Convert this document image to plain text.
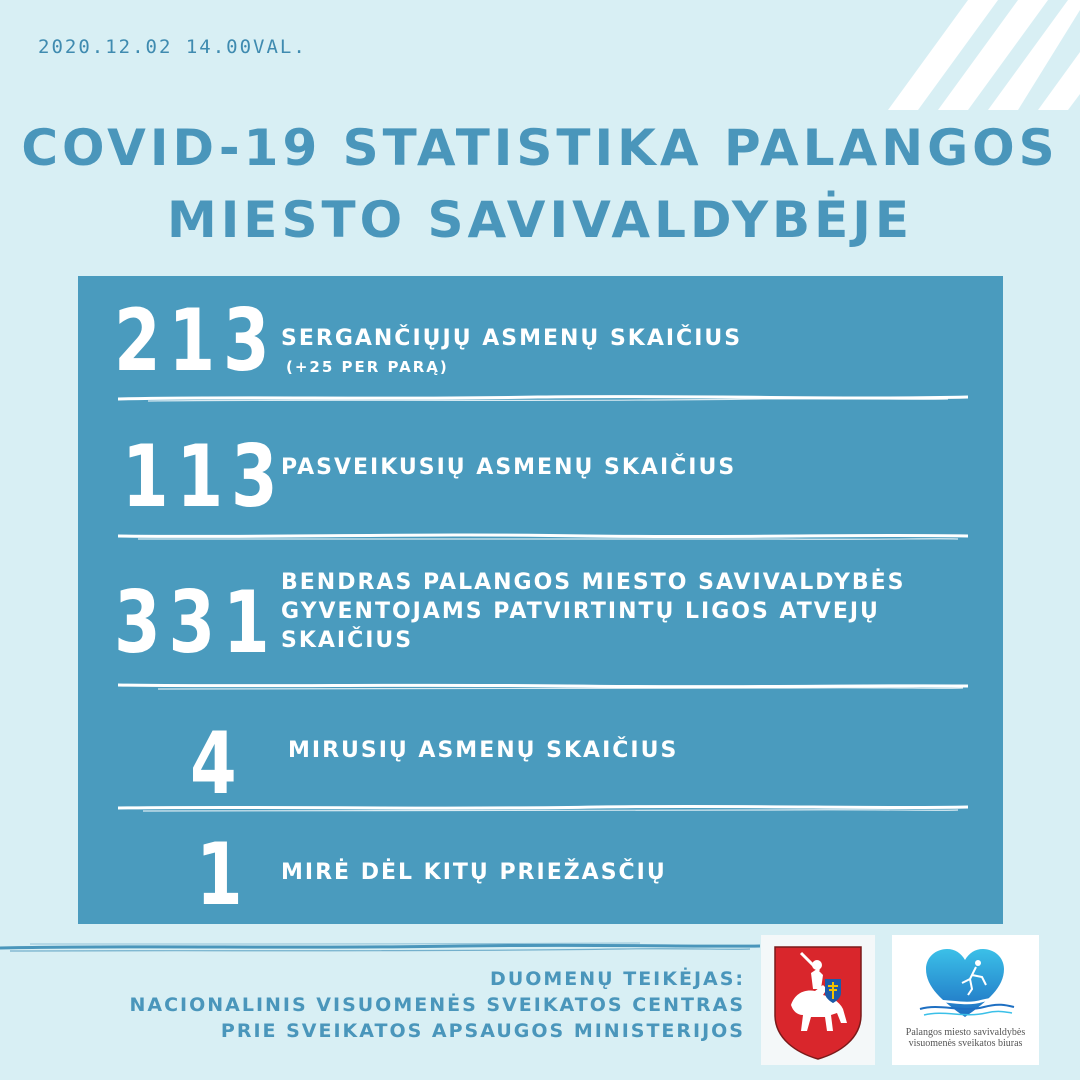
2020.12.02 14.00VAL.
COVID-19 STATISTIKA PALANGOS
MIESTO SAVIVALDYBĖJE
213 SERGANČIŲJŲ ASMENŲ SKAIČIUS
(+25 PER PARĄ)
113
PASVEIKUSIŲ ASMENŲ SKAIČIUS
331 BENDRAS PALANGOS MIESTO SAVIVALDYBĖS
GYVENTOJAMS PATVIRTINTŲ LIGOS ATVEJŲ
SKAIČIUS
4 MIRUSIŲ ASMENŲ SKAIČIUS
1 MIRĖ DĖL KITŲ PRIEŽASČIŲ
DUOMENŲ TEIKĖJAS:
NACIONALINIS VISUOMENĖS SVEIKATOS CENTRAS
PRIE SVEIKATOS APSAUGOS MINISTERIJOS	Palangos miesto savivaldybės
visuomenės sveikatos biuras
